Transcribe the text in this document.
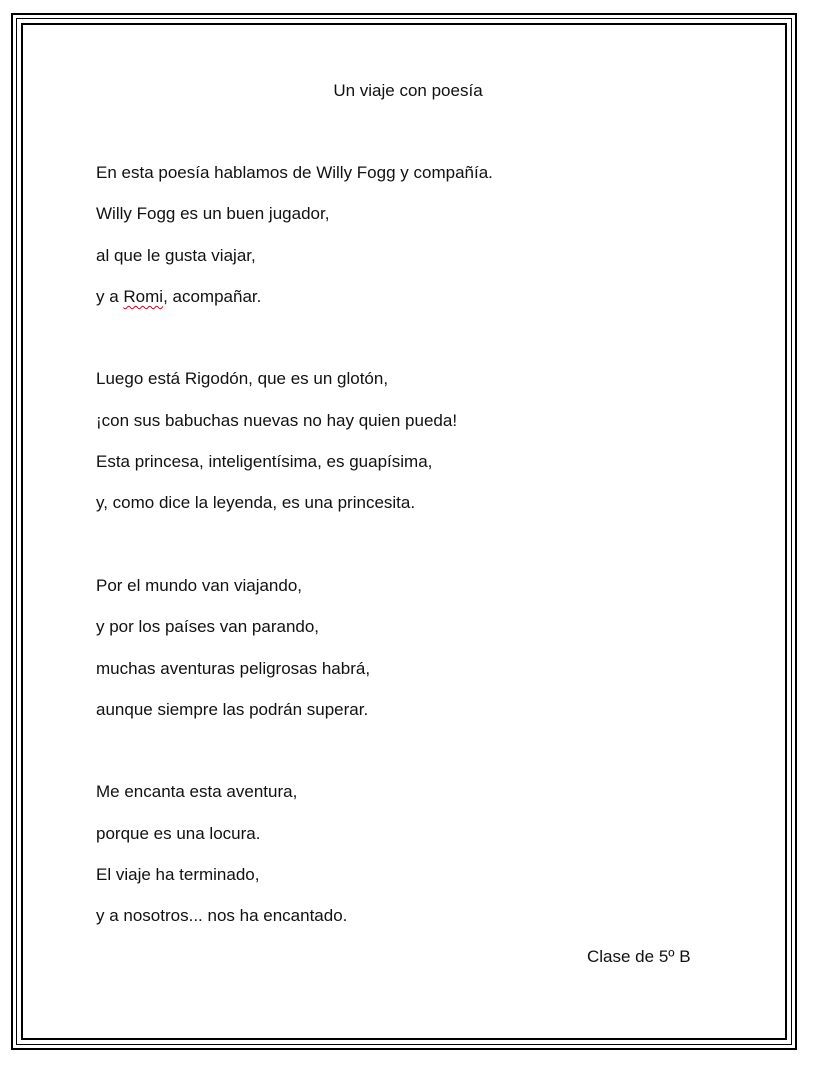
Un viaje con poesía
En esta poesía hablamos de Willy Fogg y compañía.
Willy Fogg es un buen jugador,
al que le gusta viajar,
y a Romi, acompañar.
Luego está Rigodón, que es un glotón,
¡con sus babuchas nuevas no hay quien pueda!
Esta princesa, inteligentísima, es guapísima,
y, como dice la leyenda, es una princesita.
Por el mundo van viajando,
y por los países van parando,
muchas aventuras peligrosas habrá,
aunque siempre las podrán superar.
Me encanta esta aventura,
porque es una locura.
El viaje ha terminado,
y a nosotros... nos ha encantado.
Clase de 5º B
